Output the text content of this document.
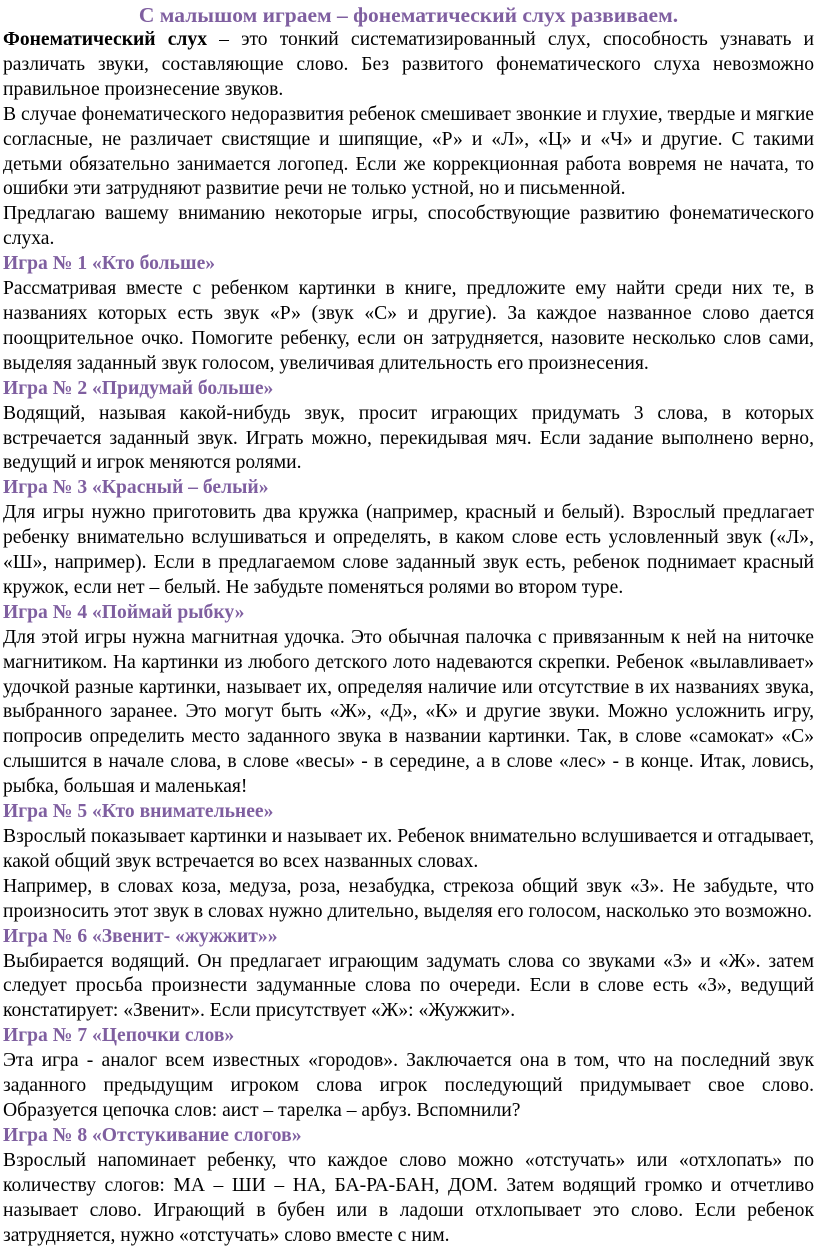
С малышом играем – фонематический слух развиваем.

Фонематический слух – это тонкий систематизированный слух, способность узнавать и различать звуки, составляющие слово. Без развитого фонематического слуха невозможно правильное произнесение звуков.

В случае фонематического недоразвития ребенок смешивает звонкие и глухие, твердые и мягкие согласные, не различает свистящие и шипящие, «Р» и «Л», «Ц» и «Ч» и другие. С такими детьми обязательно занимается логопед. Если же коррекционная работа вовремя не начата, то ошибки эти затрудняют развитие речи не только устной, но и письменной.

Предлагаю вашему вниманию некоторые игры, способствующие развитию фонематического слуха.

Игра № 1 «Кто больше»

Рассматривая вместе с ребенком картинки в книге, предложите ему найти среди них те, в названиях которых есть звук «Р» (звук «С» и другие). За каждое названное слово дается поощрительное очко. Помогите ребенку, если он затрудняется, назовите несколько слов сами, выделяя заданный звук голосом, увеличивая длительность его произнесения.

Игра № 2 «Придумай больше»

Водящий, называя какой-нибудь звук, просит играющих придумать 3 слова, в которых встречается заданный звук. Играть можно, перекидывая мяч. Если задание выполнено верно, ведущий и игрок меняются ролями.

Игра № 3 «Красный – белый»

Для игры нужно приготовить два кружка (например, красный и белый). Взрослый предлагает ребенку внимательно вслушиваться и определять, в каком слове есть условленный звук («Л», «Ш», например). Если в предлагаемом слове заданный звук есть, ребенок поднимает красный кружок, если нет – белый. Не забудьте поменяться ролями во втором туре.

Игра № 4 «Поймай рыбку»

Для этой игры нужна магнитная удочка. Это обычная палочка с привязанным к ней на ниточке магнитиком. На картинки из любого детского лото надеваются скрепки. Ребенок «вылавливает» удочкой разные картинки, называет их, определяя наличие или отсутствие в их названиях звука, выбранного заранее. Это могут быть «Ж», «Д», «К» и другие звуки. Можно усложнить игру, попросив определить место заданного звука в названии картинки. Так, в слове «самокат» «С» слышится в начале слова, в слове «весы» - в середине, а в слове «лес» - в конце. Итак, ловись, рыбка, большая и маленькая!

Игра № 5 «Кто внимательнее»

Взрослый показывает картинки и называет их. Ребенок внимательно вслушивается и отгадывает, какой общий звук встречается во всех названных словах.

Например, в словах коза, медуза, роза, незабудка, стрекоза общий звук «З». Не забудьте, что произносить этот звук в словах нужно длительно, выделяя его голосом, насколько это возможно.

Игра № 6 «Звенит- «жужжит»»

Выбирается водящий. Он предлагает играющим задумать слова со звуками «З» и «Ж». затем следует просьба произнести задуманные слова по очереди. Если в слове есть «З», ведущий констатирует: «Звенит». Если присутствует «Ж»: «Жужжит».

Игра № 7 «Цепочки слов»

Эта игра - аналог всем известных «городов». Заключается она в том, что на последний звук заданного предыдущим игроком слова игрок последующий придумывает свое слово. Образуется цепочка слов: аист – тарелка – арбуз. Вспомнили?

Игра № 8 «Отстукивание слогов»

Взрослый напоминает ребенку, что каждое слово можно «отстучать» или «отхлопать» по количеству слогов: МА – ШИ – НА, БА-РА-БАН, ДОМ. Затем водящий громко и отчетливо называет слово. Играющий в бубен или в ладоши отхлопывает это слово. Если ребенок затрудняется, нужно «отстучать» слово вместе с ним.
